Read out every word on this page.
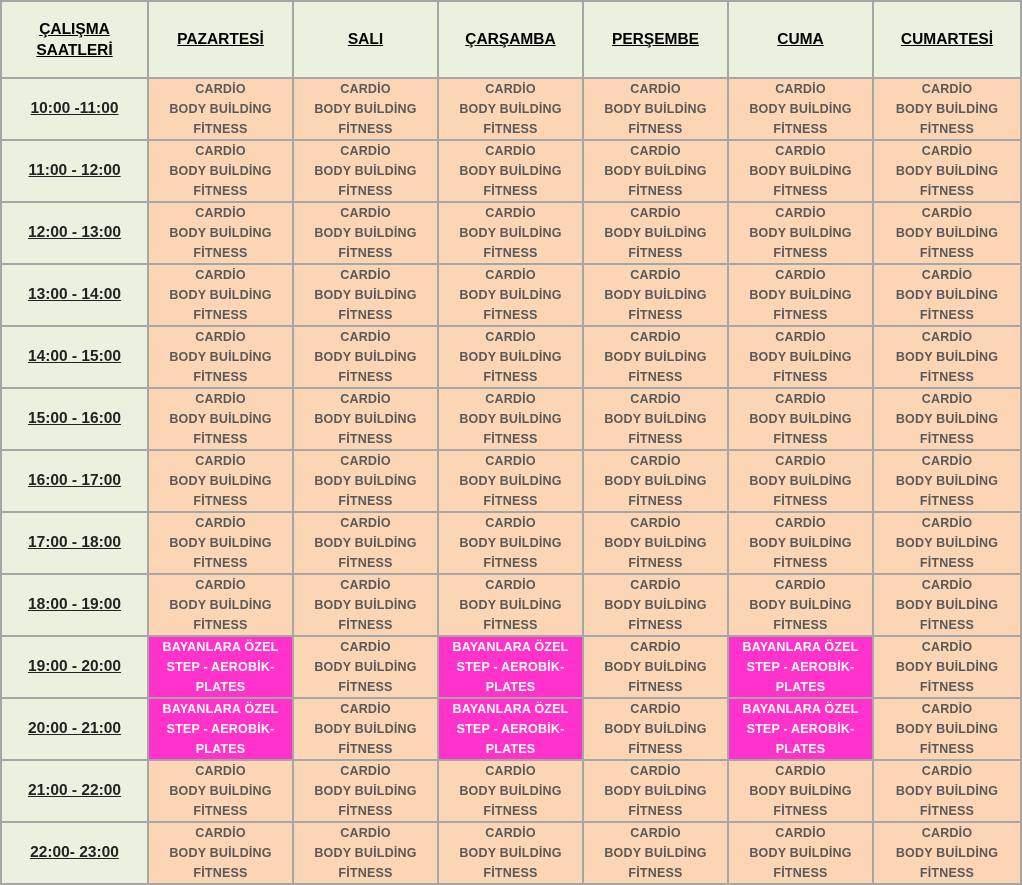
ÇALIŞMA
SAATLERİ	PAZARTESİ	SALI	ÇARŞAMBA	PERŞEMBE	CUMA	CUMARTESİ
10:00 -11:00	CARDİO
BODY BUİLDİNG
FİTNESS	CARDİO
BODY BUİLDİNG
FİTNESS	CARDİO
BODY BUİLDİNG
FİTNESS	CARDİO
BODY BUİLDİNG
FİTNESS	CARDİO
BODY BUİLDİNG
FİTNESS	CARDİO
BODY BUİLDİNG
FİTNESS
11:00 - 12:00	CARDİO
BODY BUİLDİNG
FİTNESS	CARDİO
BODY BUİLDİNG
FİTNESS	CARDİO
BODY BUİLDİNG
FİTNESS	CARDİO
BODY BUİLDİNG
FİTNESS	CARDİO
BODY BUİLDİNG
FİTNESS	CARDİO
BODY BUİLDİNG
FİTNESS
12:00 - 13:00	CARDİO
BODY BUİLDİNG
FİTNESS	CARDİO
BODY BUİLDİNG
FİTNESS	CARDİO
BODY BUİLDİNG
FİTNESS	CARDİO
BODY BUİLDİNG
FİTNESS	CARDİO
BODY BUİLDİNG
FİTNESS	CARDİO
BODY BUİLDİNG
FİTNESS
13:00 - 14:00	CARDİO
BODY BUİLDİNG
FİTNESS	CARDİO
BODY BUİLDİNG
FİTNESS	CARDİO
BODY BUİLDİNG
FİTNESS	CARDİO
BODY BUİLDİNG
FİTNESS	CARDİO
BODY BUİLDİNG
FİTNESS	CARDİO
BODY BUİLDİNG
FİTNESS
14:00 - 15:00	CARDİO
BODY BUİLDİNG
FİTNESS	CARDİO
BODY BUİLDİNG
FİTNESS	CARDİO
BODY BUİLDİNG
FİTNESS	CARDİO
BODY BUİLDİNG
FİTNESS	CARDİO
BODY BUİLDİNG
FİTNESS	CARDİO
BODY BUİLDİNG
FİTNESS
15:00 - 16:00	CARDİO
BODY BUİLDİNG
FİTNESS	CARDİO
BODY BUİLDİNG
FİTNESS	CARDİO
BODY BUİLDİNG
FİTNESS	CARDİO
BODY BUİLDİNG
FİTNESS	CARDİO
BODY BUİLDİNG
FİTNESS	CARDİO
BODY BUİLDİNG
FİTNESS
16:00 - 17:00	CARDİO
BODY BUİLDİNG
FİTNESS	CARDİO
BODY BUİLDİNG
FİTNESS	CARDİO
BODY BUİLDİNG
FİTNESS	CARDİO
BODY BUİLDİNG
FİTNESS	CARDİO
BODY BUİLDİNG
FİTNESS	CARDİO
BODY BUİLDİNG
FİTNESS
17:00 - 18:00	CARDİO
BODY BUİLDİNG
FİTNESS	CARDİO
BODY BUİLDİNG
FİTNESS	CARDİO
BODY BUİLDİNG
FİTNESS	CARDİO
BODY BUİLDİNG
FİTNESS	CARDİO
BODY BUİLDİNG
FİTNESS	CARDİO
BODY BUİLDİNG
FİTNESS
18:00 - 19:00	CARDİO
BODY BUİLDİNG
FİTNESS	CARDİO
BODY BUİLDİNG
FİTNESS	CARDİO
BODY BUİLDİNG
FİTNESS	CARDİO
BODY BUİLDİNG
FİTNESS	CARDİO
BODY BUİLDİNG
FİTNESS	CARDİO
BODY BUİLDİNG
FİTNESS
19:00 - 20:00	BAYANLARA ÖZEL
STEP - AEROBİK-
PLATES	CARDİO
BODY BUİLDİNG
FİTNESS	BAYANLARA ÖZEL
STEP - AEROBİK-
PLATES	CARDİO
BODY BUİLDİNG
FİTNESS	BAYANLARA ÖZEL
STEP - AEROBİK-
PLATES	CARDİO
BODY BUİLDİNG
FİTNESS
20:00 - 21:00	BAYANLARA ÖZEL
STEP - AEROBİK-
PLATES	CARDİO
BODY BUİLDİNG
FİTNESS	BAYANLARA ÖZEL
STEP - AEROBİK-
PLATES	CARDİO
BODY BUİLDİNG
FİTNESS	BAYANLARA ÖZEL
STEP - AEROBİK-
PLATES	CARDİO
BODY BUİLDİNG
FİTNESS
21:00 - 22:00	CARDİO
BODY BUİLDİNG
FİTNESS	CARDİO
BODY BUİLDİNG
FİTNESS	CARDİO
BODY BUİLDİNG
FİTNESS	CARDİO
BODY BUİLDİNG
FİTNESS	CARDİO
BODY BUİLDİNG
FİTNESS	CARDİO
BODY BUİLDİNG
FİTNESS
22:00- 23:00	CARDİO
BODY BUİLDİNG
FİTNESS	CARDİO
BODY BUİLDİNG
FİTNESS	CARDİO
BODY BUİLDİNG
FİTNESS	CARDİO
BODY BUİLDİNG
FİTNESS	CARDİO
BODY BUİLDİNG
FİTNESS	CARDİO
BODY BUİLDİNG
FİTNESS
